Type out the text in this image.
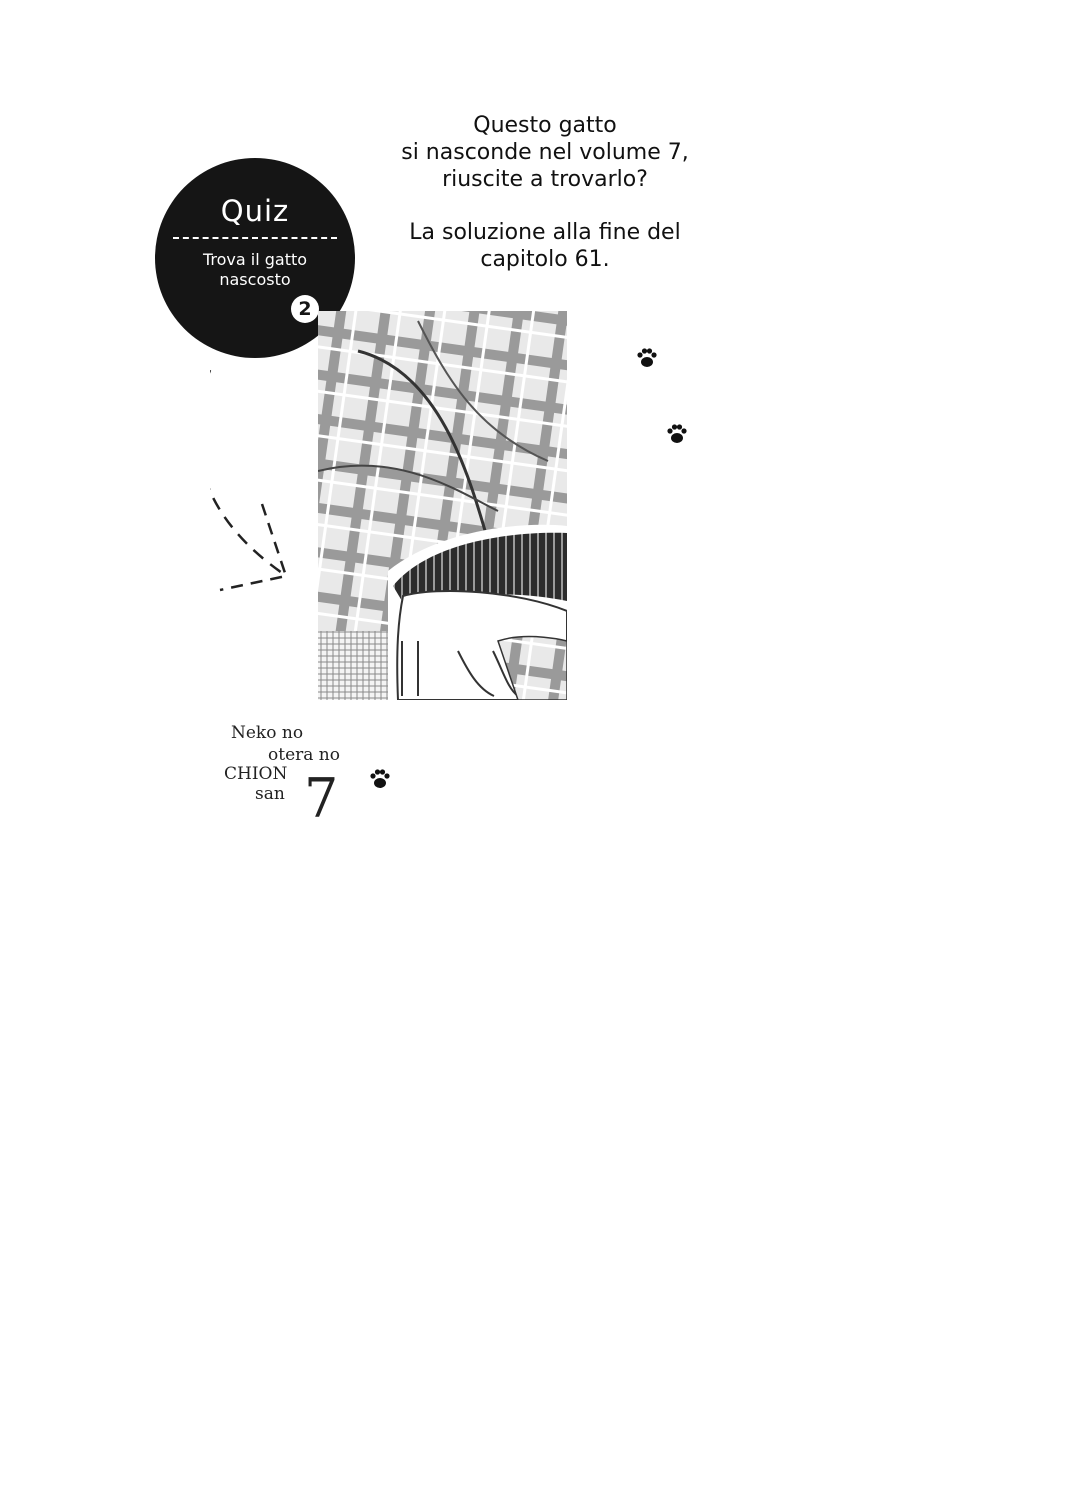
Quiz
Trova il gatto
nascosto
2

Questo gatto

si nasconde nel volume 7,

riuscite a trovarlo?

La soluzione alla fine del

capitolo 61.

Neko no
otera no
CHION
san 7
